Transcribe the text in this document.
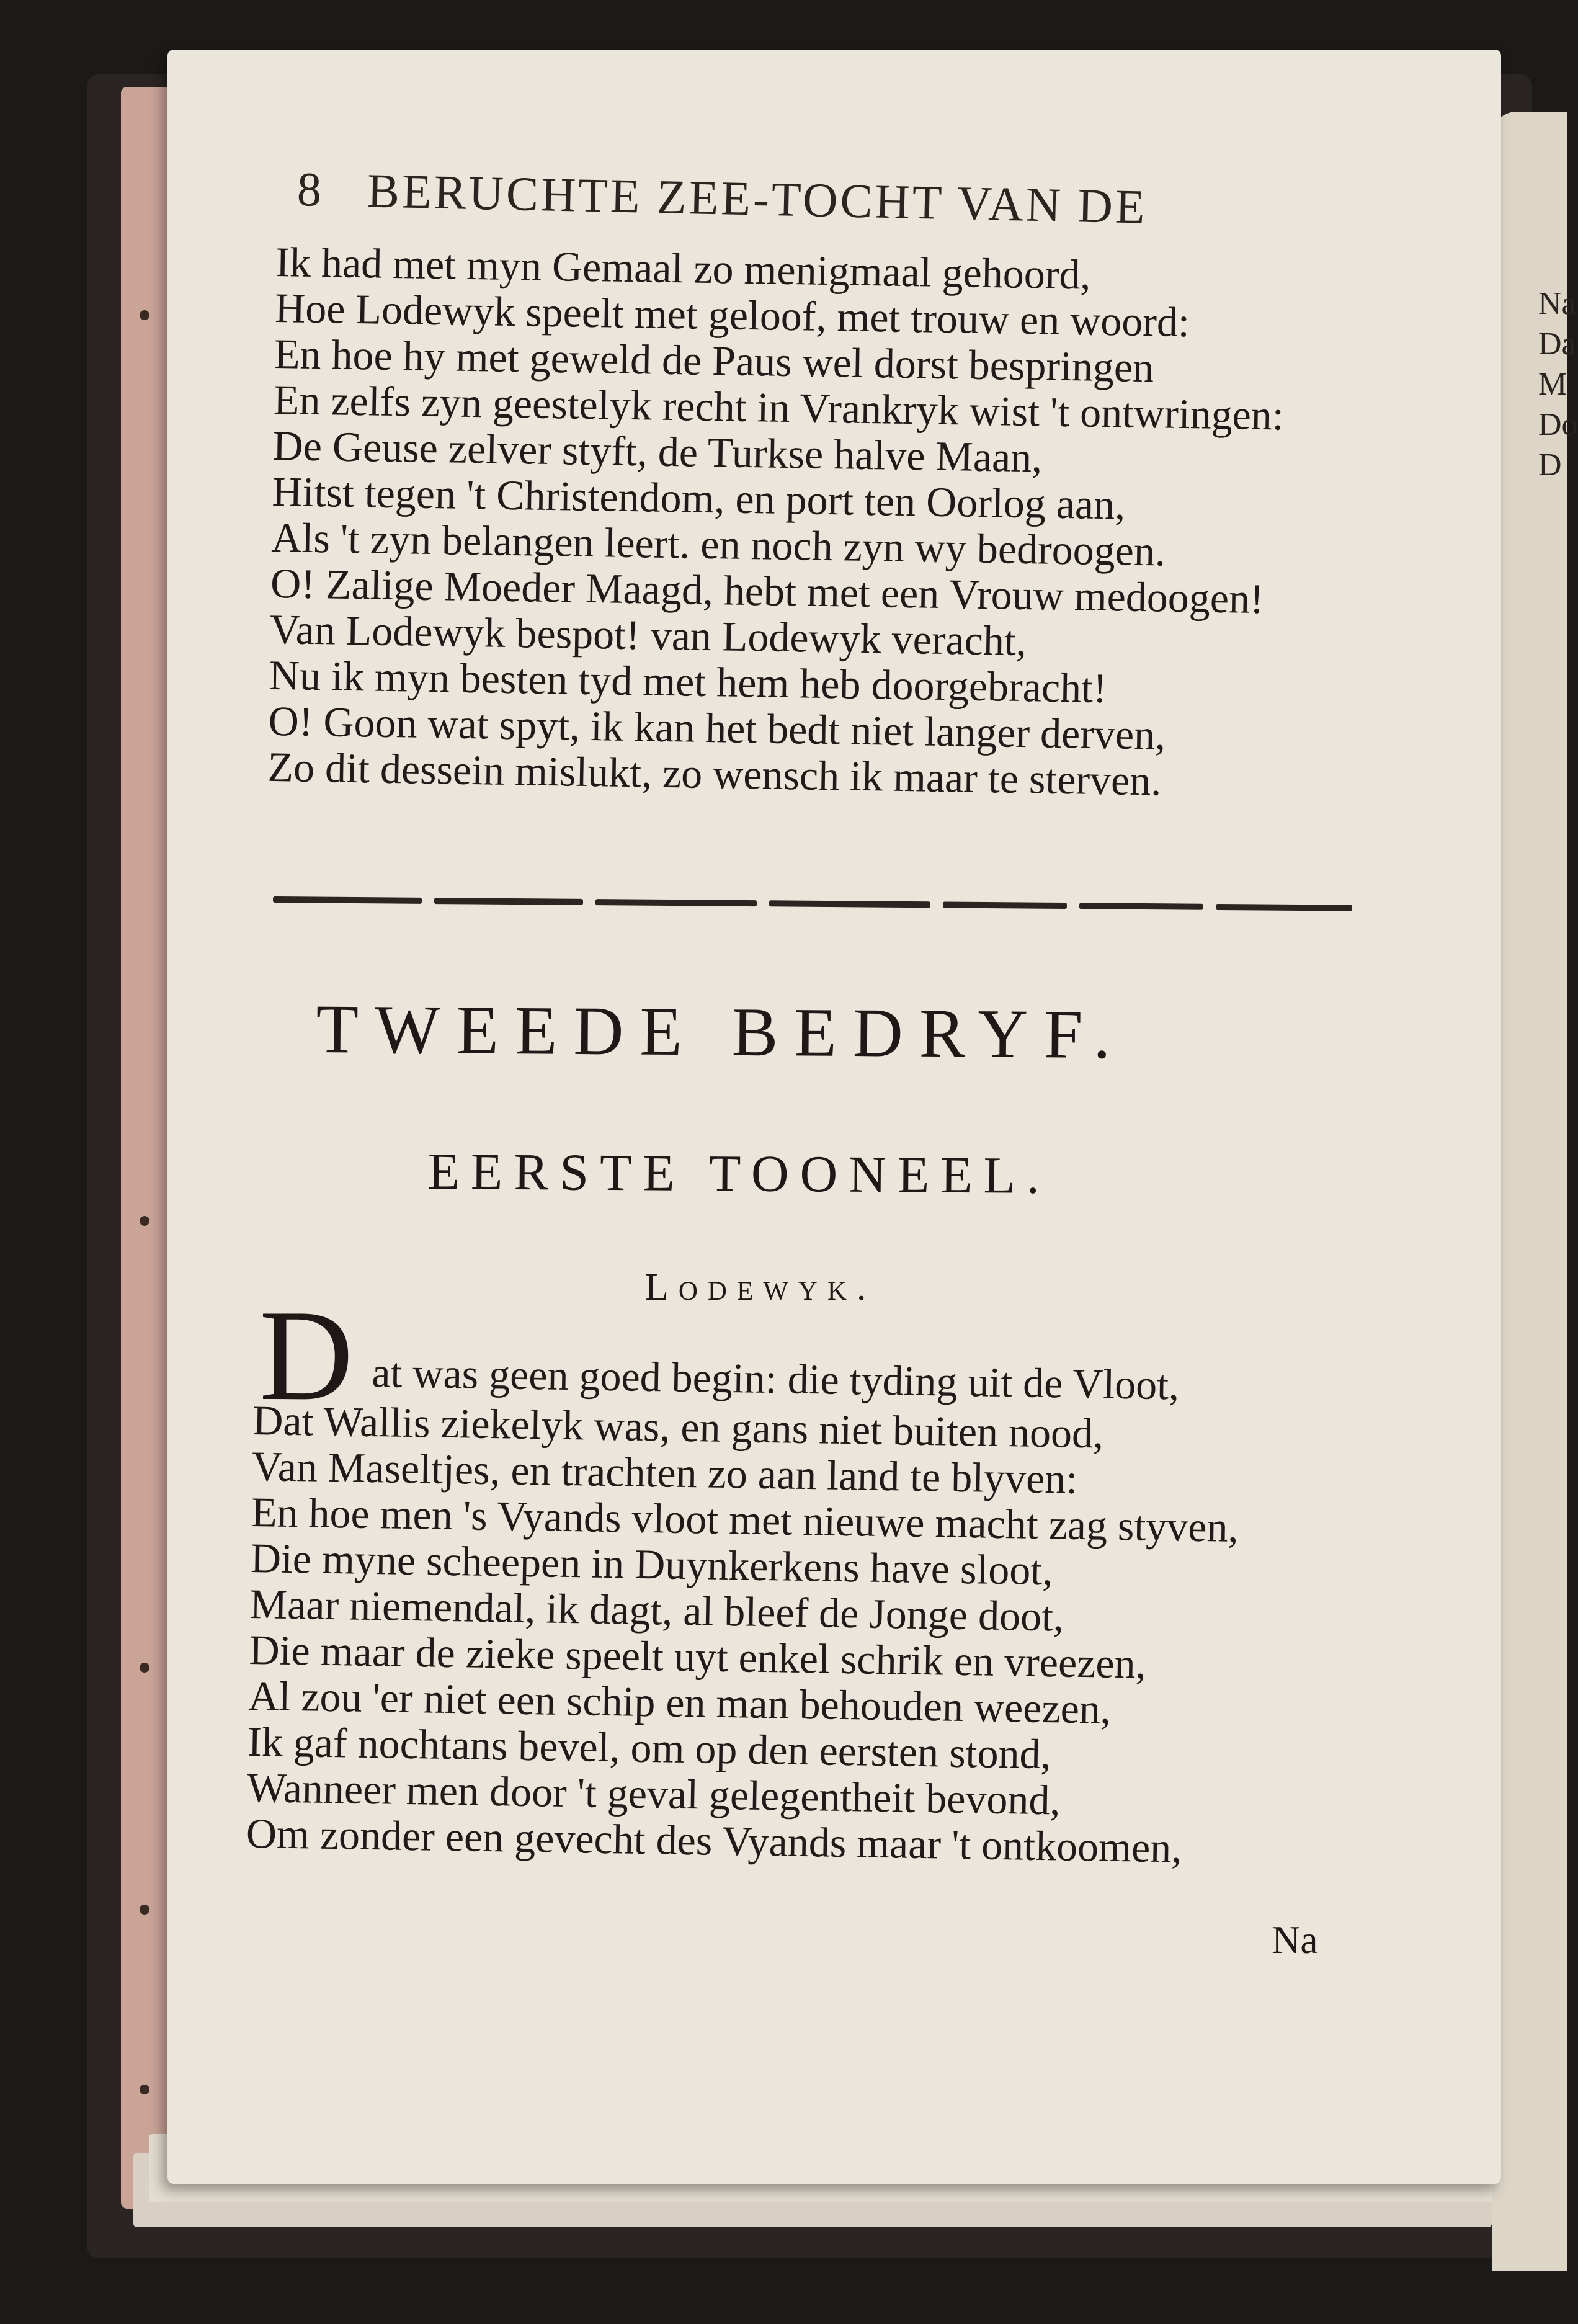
Na
Da
M
Do
D
8 BERUCHTE ZEE-TOCHT VAN DE
Ik had met myn Gemaal zo menigmaal gehoord,
Hoe Lodewyk speelt met geloof, met trouw en woord:
En hoe hy met geweld de Paus wel dorst bespringen
En zelfs zyn geestelyk recht in Vrankryk wist 't ontwringen:
De Geuse zelver styft, de Turkse halve Maan,
Hitst tegen 't Christendom, en port ten Oorlog aan,
Als 't zyn belangen leert. en noch zyn wy bedroogen.
O! Zalige Moeder Maagd, hebt met een Vrouw medoogen!
Van Lodewyk bespot! van Lodewyk veracht,
Nu ik myn besten tyd met hem heb doorgebracht!
O! Goon wat spyt, ik kan het bedt niet langer derven,
Zo dit dessein mislukt, zo wensch ik maar te sterven.
TWEEDE BEDRYF.
EERSTE TOONEEL.
Lodewyk.
D at was geen goed begin: die tyding uit de Vloot,
Dat Wallis ziekelyk was, en gans niet buiten nood,
Van Maseltjes, en trachten zo aan land te blyven:
En hoe men 's Vyands vloot met nieuwe macht zag styven,
Die myne scheepen in Duynkerkens have sloot,
Maar niemendal, ik dagt, al bleef de Jonge doot,
Die maar de zieke speelt uyt enkel schrik en vreezen,
Al zou 'er niet een schip en man behouden weezen,
Ik gaf nochtans bevel, om op den eersten stond,
Wanneer men door 't geval gelegentheit bevond,
Om zonder een gevecht des Vyands maar 't ontkoomen,
Na
